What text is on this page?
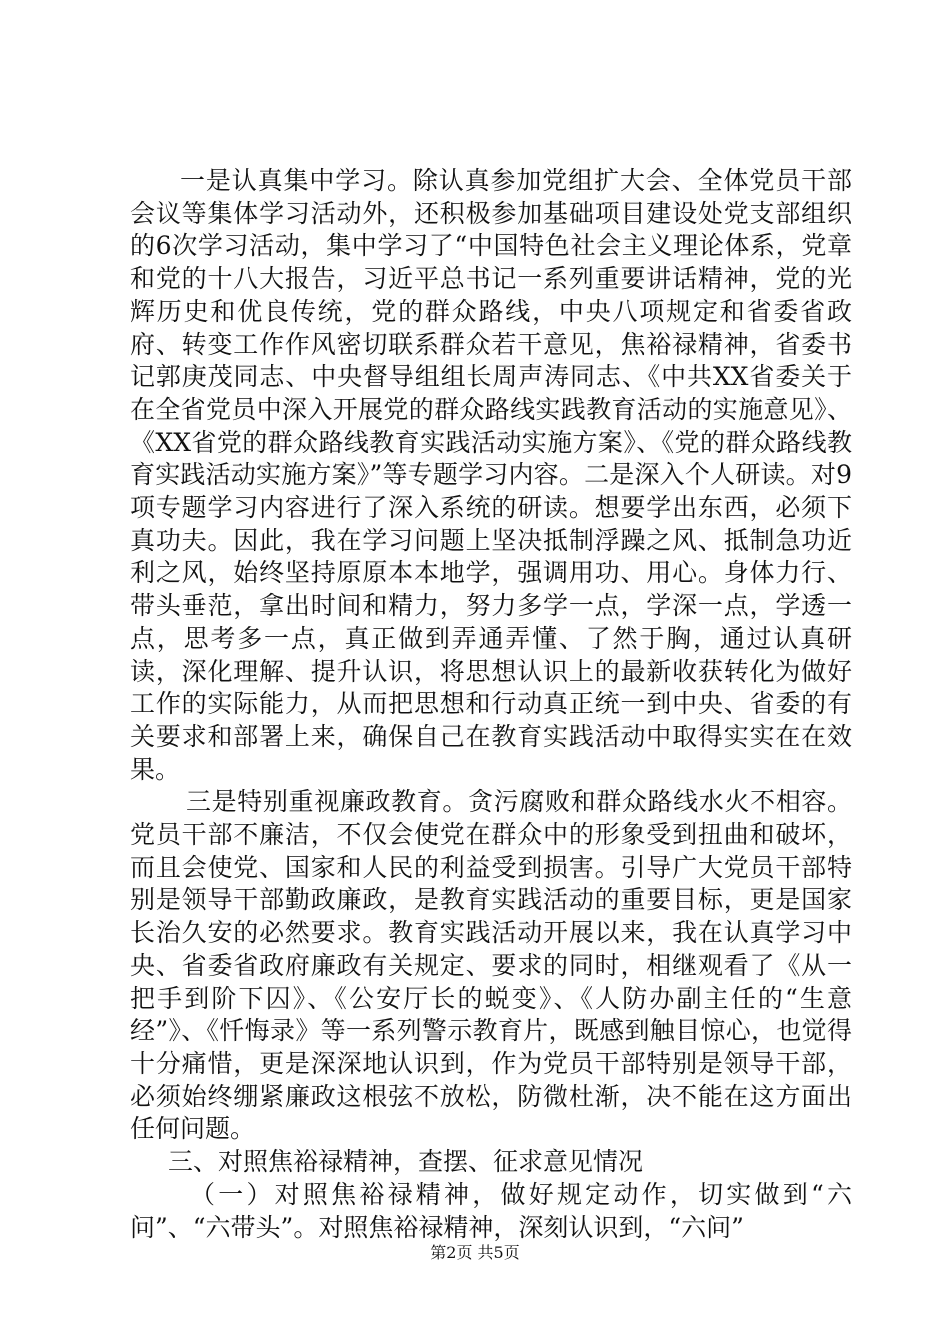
一是认真集中学习。除认真参加党组扩大会、全体党员干部会议等集体学习活动外，还积极参加基础项目建设处党支部组织的6次学习活动，集中学习了“中国特色社会主义理论体系，党章和党的十八大报告，习近平总书记一系列重要讲话精神，党的光辉历史和优良传统，党的群众路线，中央八项规定和省委省政府、转变工作作风密切联系群众若干意见，焦裕禄精神，省委书记郭庚茂同志、中央督导组组长周声涛同志、《中共XX省委关于在全省党员中深入开展党的群众路线实践教育活动的实施意见》、《XX省党的群众路线教育实践活动实施方案》、《党的群众路线教育实践活动实施方案》”等专题学习内容。二是深入个人研读。对9项专题学习内容进行了深入系统的研读。想要学出东西，必须下真功夫。因此，我在学习问题上坚决抵制浮躁之风、抵制急功近利之风，始终坚持原原本本地学，强调用功、用心。身体力行、带头垂范，拿出时间和精力，努力多学一点，学深一点，学透一点，思考多一点，真正做到弄通弄懂、了然于胸，通过认真研读，深化理解、提升认识，将思想认识上的最新收获转化为做好工作的实际能力，从而把思想和行动真正统一到中央、省委的有关要求和部署上来，确保自己在教育实践活动中取得实实在在效果。

三是特别重视廉政教育。贪污腐败和群众路线水火不相容。党员干部不廉洁，不仅会使党在群众中的形象受到扭曲和破坏，而且会使党、国家和人民的利益受到损害。引导广大党员干部特别是领导干部勤政廉政，是教育实践活动的重要目标，更是国家长治久安的必然要求。教育实践活动开展以来，我在认真学习中央、省委省政府廉政有关规定、要求的同时，相继观看了《从一把手到阶下囚》、《公安厅长的蜕变》、《人防办副主任的“生意经”》、《忏悔录》等一系列警示教育片，既感到触目惊心，也觉得十分痛惜，更是深深地认识到，作为党员干部特别是领导干部，必须始终绷紧廉政这根弦不放松，防微杜渐，决不能在这方面出任何问题。

三、对照焦裕禄精神，查摆、征求意见情况

（一）对照焦裕禄精神，做好规定动作，切实做到“六问”、“六带头”。对照焦裕禄精神，深刻认识到，“六问”

第2页 共5页
